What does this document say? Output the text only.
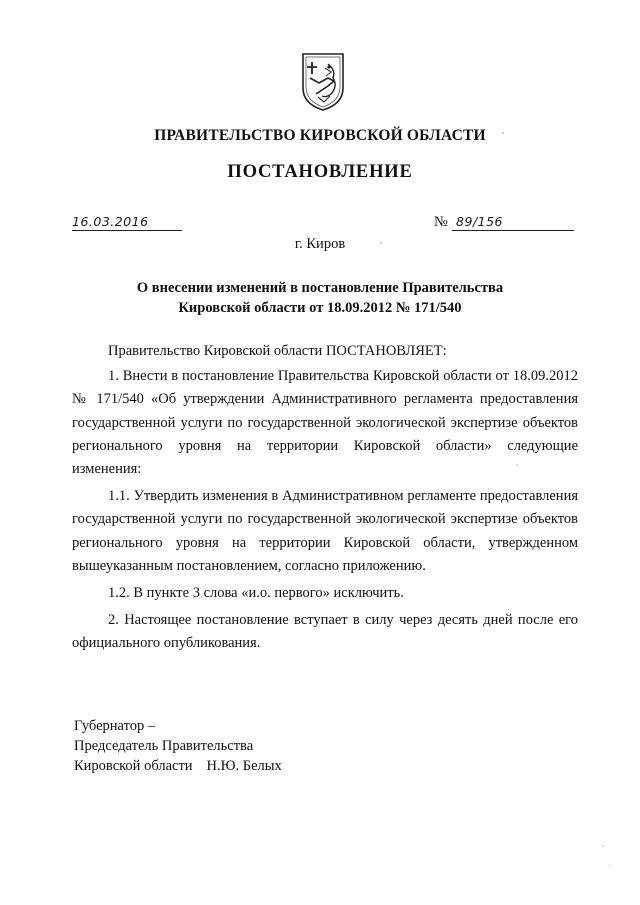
ПРАВИТЕЛЬСТВО КИРОВСКОЙ ОБЛАСТИ
ПОСТАНОВЛЕНИЕ
16.03.2016	№ 89/156
г. Киров
О внесении изменений в постановление Правительства
Кировской области от 18.09.2012 № 171/540

Правительство Кировской области ПОСТАНОВЛЯЕТ:

1. Внести в постановление Правительства Кировской области от 18.09.2012 № 171/540 «Об утверждении Административного регламента предоставления государственной услуги по государственной экологической экспертизе объектов регионального уровня на территории Кировской области» следующие изменения:

1.1. Утвердить изменения в Административном регламенте предоставления государственной услуги по государственной экологической экспертизе объектов регионального уровня на территории Кировской области, утвержденном вышеуказанным постановлением, согласно приложению.

1.2. В пункте 3 слова «и.о. первого» исключить.

2. Настоящее постановление вступает в силу через десять дней после его официального опубликования.

Губернатор –
Председатель Правительства
Кировской области Н.Ю. Белых
